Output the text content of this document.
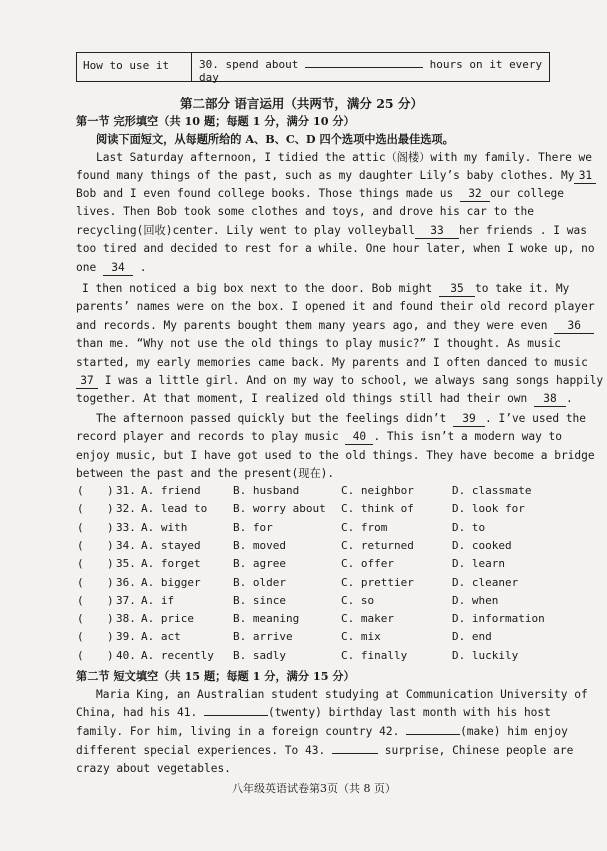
How to use it	30. spend about	hours on it every day
第二部分 语言运用（共两节，满分 25 分）
第一节 完形填空（共 10 题；每题 1 分，满分 10 分）
阅读下面短文，从每题所给的 A、B、C、D 四个选项中选出最佳选项。
Last Saturday afternoon, I tidied the attic（阁楼）with my family. There we
found many things of the past, such as my daughter Lily’s baby clothes. My 31
Bob and I even found college books. Those things made us 32 our college
lives. Then Bob took some clothes and toys, and drove his car to the
recycling(回收)center. Lily went to play volleyball 33 her friends . I was
too tired and decided to rest for a while. One hour later, when I woke up, no
one 34 .
I then noticed a big box next to the door. Bob might 35 to take it. My
parents’ names were on the box. I opened it and found their old record player
and records. My parents bought them many years ago, and they were even 36
than me. “Why not use the old things to play music?” I thought. As music
started, my early memories came back. My parents and I often danced to music
37 I was a little girl. And on my way to school, we always sang songs happily
together. At that moment, I realized old things still had their own 38 .
The afternoon passed quickly but the feelings didn’t 39 . I’ve used the
record player and records to play music 40 . This isn’t a modern way to
enjoy music, but I have got used to the old things. They have become a bridge
between the past and the present(现在).
( ) 31. A. friend	B. husband	C. neighbor	D. classmate
( ) 32. A. lead to B. worry about C. think of	D. look for
( ) 33. A. with	B. for	C. from	D. to
( ) 34. A. stayed	B. moved	C. returned	D. cooked
( ) 35. A. forget	B. agree	C. offer	D. learn
( ) 36. A. bigger	B. older	C. prettier	D. cleaner
( ) 37. A. if	B. since	C. so	D. when
( ) 38. A. price	B. meaning	C. maker	D. information
( ) 39. A. act	B. arrive	C. mix	D. end
( ) 40. A. recently B. sadly	C. finally	D. luckily
第二节 短文填空（共 15 题；每题 1 分，满分 15 分）
Maria King, an Australian student studying at Communication University of
China, had his 41.	(twenty) birthday last month with his host
family. For him, living in a foreign country 42.	(make) him enjoy
different special experiences. To 43.	surprise, Chinese people are
crazy about vegetables.
八年级英语试卷第3页（共 8 页）
